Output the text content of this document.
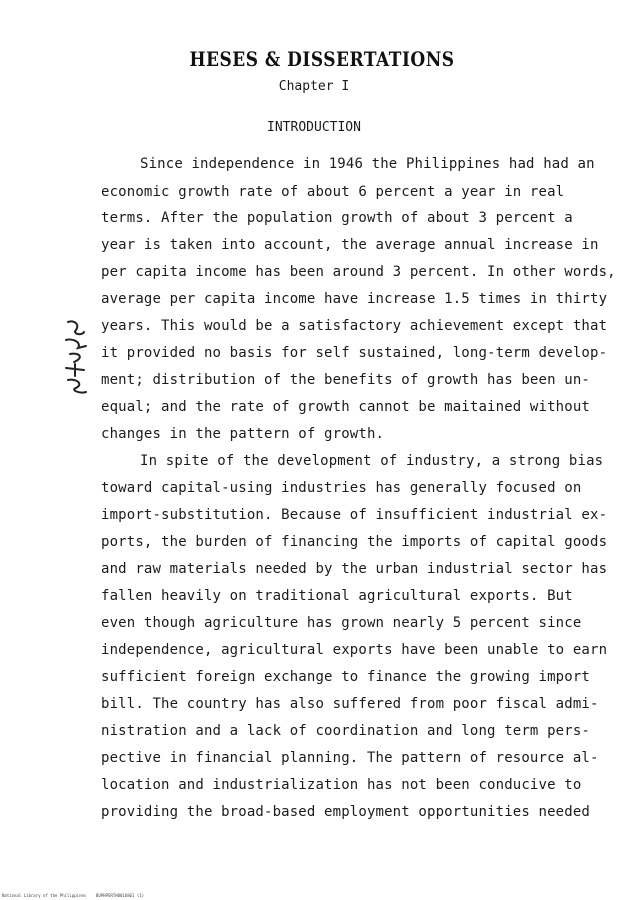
HESES & DISSERTATIONS
Chapter I
INTRODUCTION
Since independence in 1946 the Philippines had had an
economic growth rate of about 6 percent a year in real
terms. After the population growth of about 3 percent a
year is taken into account, the average annual increase in
per capita income has been around 3 percent. In other words,
average per capita income have increase 1.5 times in thirty
years. This would be a satisfactory achievement except that
it provided no basis for self sustained, long-term develop-
ment; distribution of the benefits of growth has been un-
equal; and the rate of growth cannot be maitained without
changes in the pattern of growth.
In spite of the development of industry, a strong bias
toward capital-using industries has generally focused on
import-substitution. Because of insufficient industrial ex-
ports, the burden of financing the imports of capital goods
and raw materials needed by the urban industrial sector has
fallen heavily on traditional agricultural exports. But
even though agriculture has grown nearly 5 percent since
independence, agricultural exports have been unable to earn
sufficient foreign exchange to finance the growing import
bill. The country has also suffered from poor fiscal admi-
nistration and a lack of coordination and long term pers-
pective in financial planning. The pattern of resource al-
location and industrialization has not been conducive to
providing the broad-based employment opportunities needed
National Library of the Philippines    BUPHPERTH0016861 (1)
